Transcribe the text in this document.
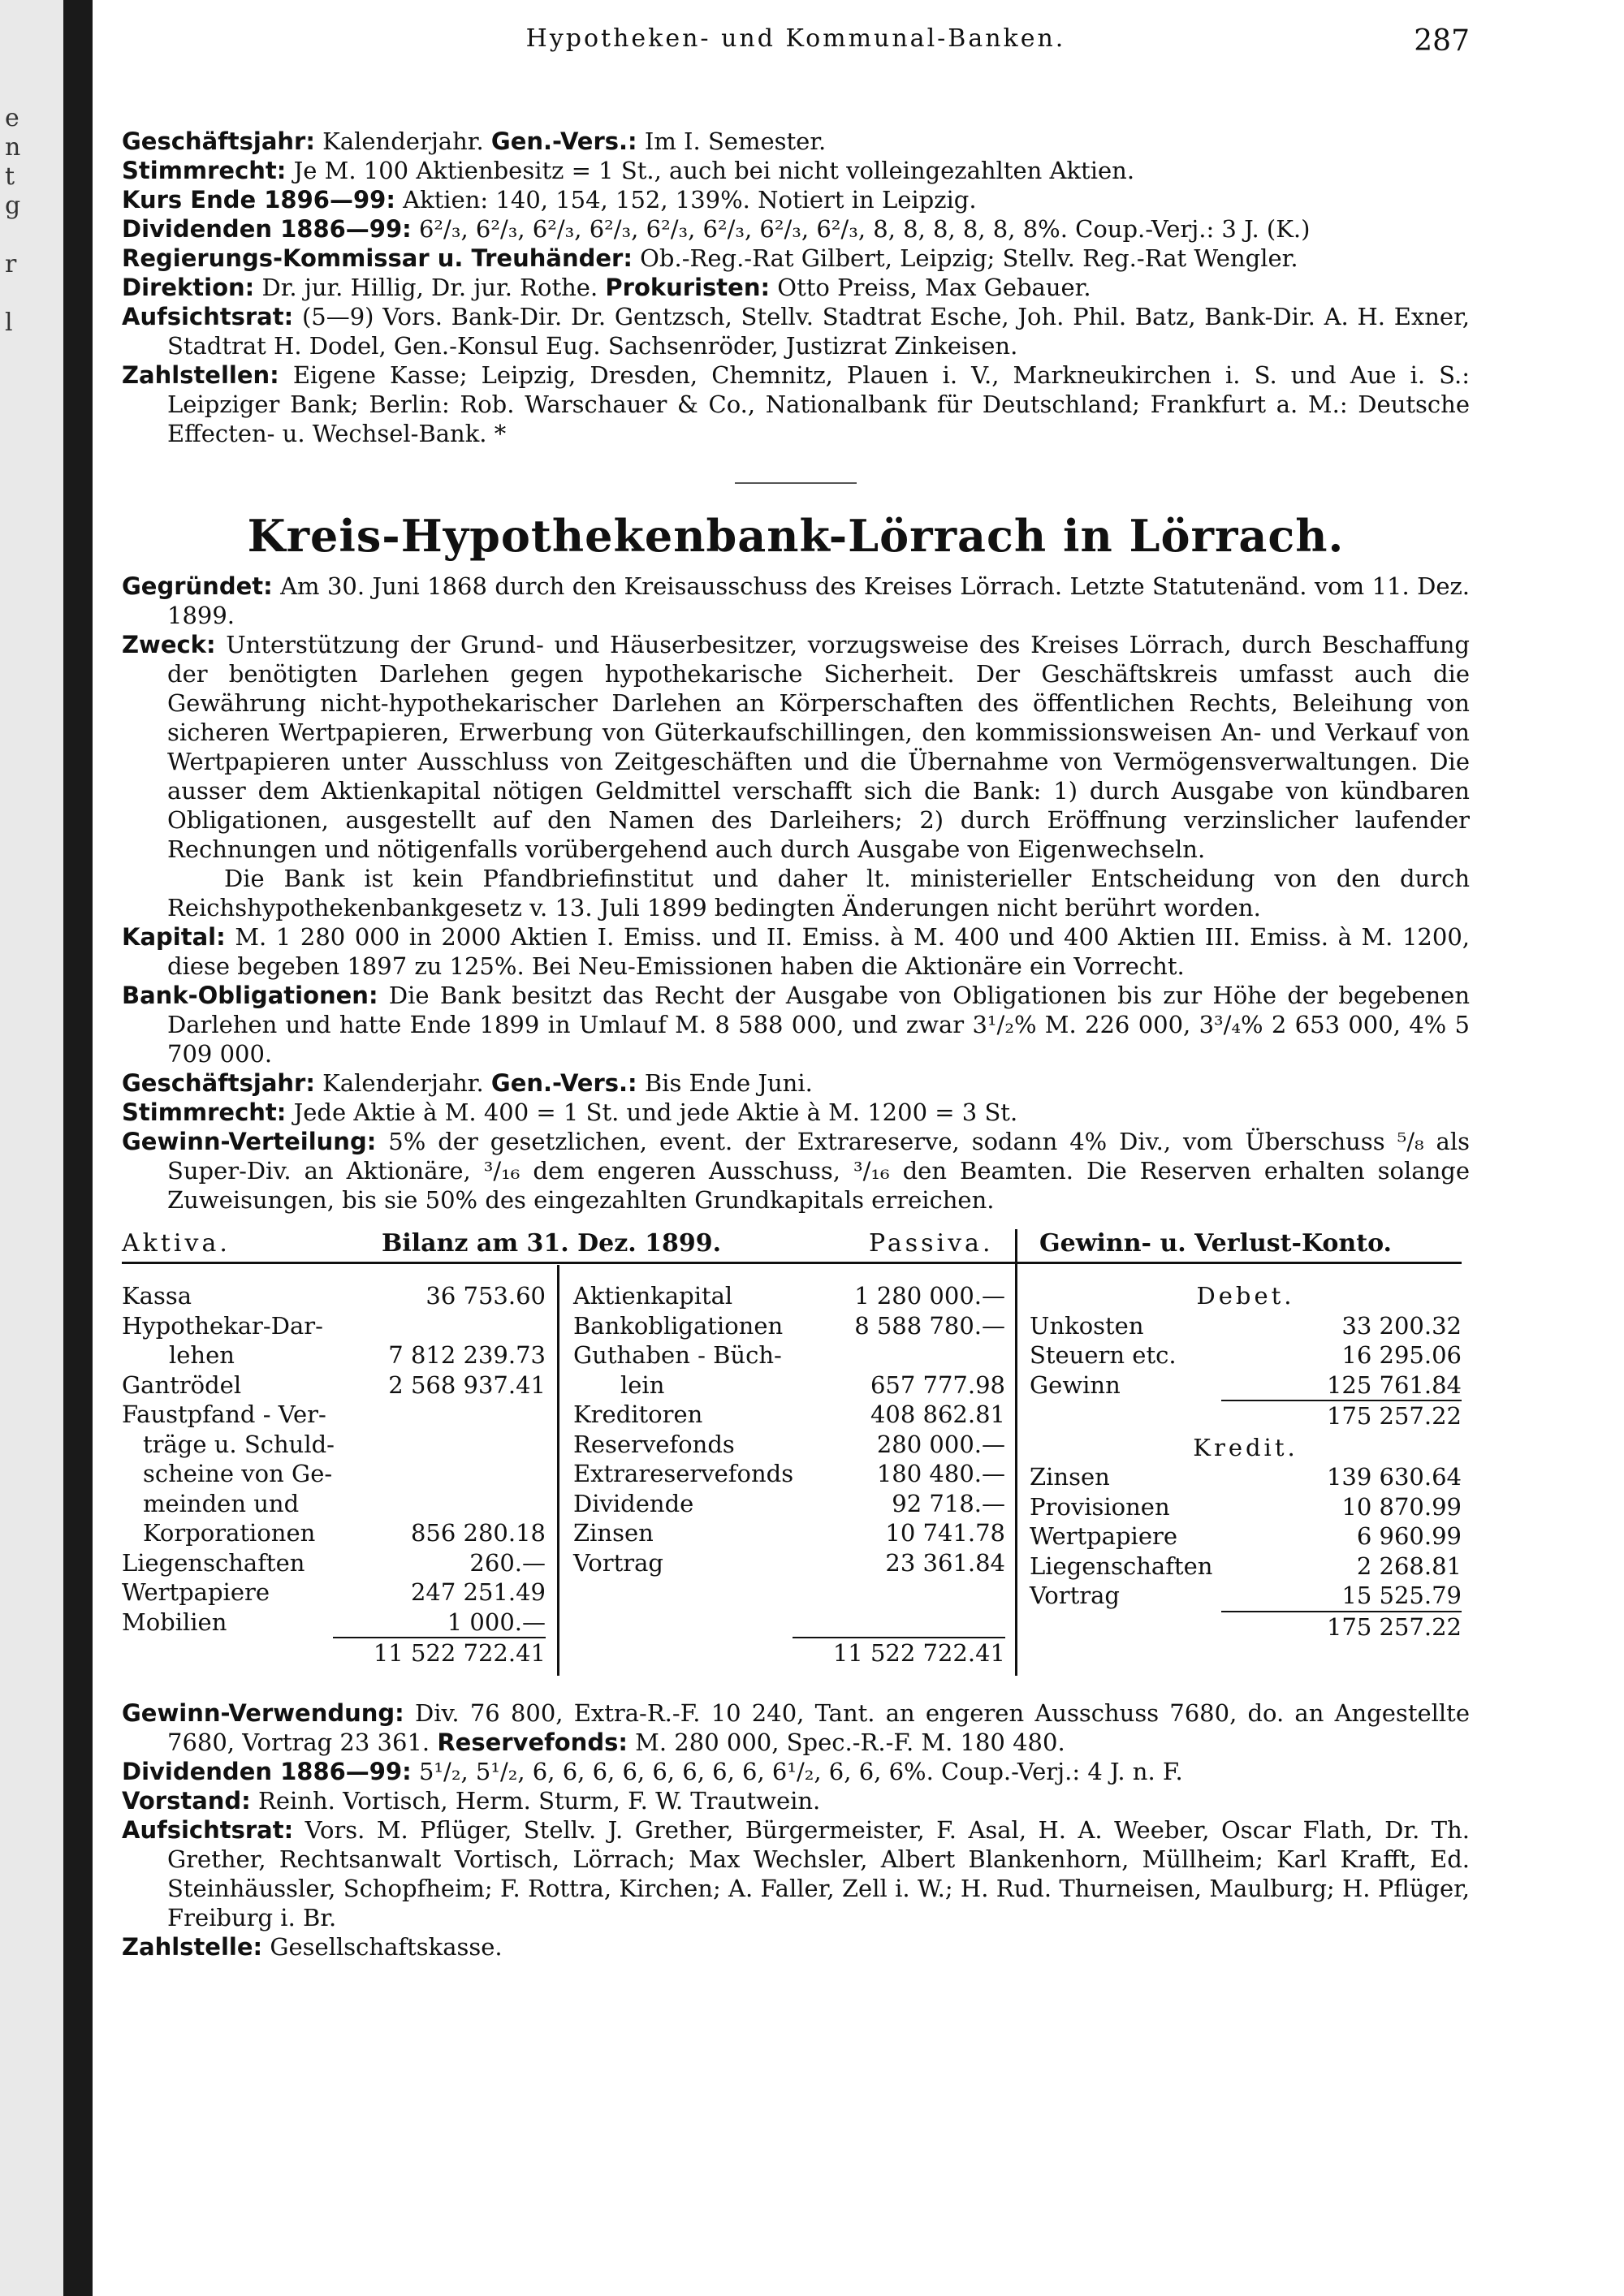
e
n
t
g
r
l
Hypotheken- und Kommunal-Banken.	287

Geschäftsjahr: Kalenderjahr. Gen.-Vers.: Im I. Semester.

Stimmrecht: Je M. 100 Aktienbesitz = 1 St., auch bei nicht volleingezahlten Aktien.

Kurs Ende 1896—99: Aktien: 140, 154, 152, 139%. Notiert in Leipzig.

Dividenden 1886—99: 6²/₃, 6²/₃, 6²/₃, 6²/₃, 6²/₃, 6²/₃, 6²/₃, 6²/₃, 8, 8, 8, 8, 8, 8%. Coup.-Verj.: 3 J. (K.)

Regierungs-Kommissar u. Treuhänder: Ob.-Reg.-Rat Gilbert, Leipzig; Stellv. Reg.-Rat Wengler.

Direktion: Dr. jur. Hillig, Dr. jur. Rothe. Prokuristen: Otto Preiss, Max Gebauer.

Aufsichtsrat: (5—9) Vors. Bank-Dir. Dr. Gentzsch, Stellv. Stadtrat Esche, Joh. Phil. Batz, Bank-Dir. A. H. Exner, Stadtrat H. Dodel, Gen.-Konsul Eug. Sachsenröder, Justizrat Zinkeisen.

Zahlstellen: Eigene Kasse; Leipzig, Dresden, Chemnitz, Plauen i. V., Markneukirchen i. S. und Aue i. S.: Leipziger Bank; Berlin: Rob. Warschauer & Co., Nationalbank für Deutschland; Frankfurt a. M.: Deutsche Effecten- u. Wechsel-Bank. *

Kreis-Hypothekenbank-Lörrach in Lörrach.

Gegründet: Am 30. Juni 1868 durch den Kreisausschuss des Kreises Lörrach. Letzte Statutenänd. vom 11. Dez. 1899.

Zweck: Unterstützung der Grund- und Häuserbesitzer, vorzugsweise des Kreises Lörrach, durch Beschaffung der benötigten Darlehen gegen hypothekarische Sicherheit. Der Geschäftskreis umfasst auch die Gewährung nicht-hypothekarischer Darlehen an Körperschaften des öffentlichen Rechts, Beleihung von sicheren Wertpapieren, Erwerbung von Güterkaufschillingen, den kommissionsweisen An- und Verkauf von Wertpapieren unter Ausschluss von Zeitgeschäften und die Übernahme von Vermögensverwaltungen. Die ausser dem Aktienkapital nötigen Geldmittel verschafft sich die Bank: 1) durch Ausgabe von kündbaren Obligationen, ausgestellt auf den Namen des Darleihers; 2) durch Eröffnung verzinslicher laufender Rechnungen und nötigenfalls vorübergehend auch durch Ausgabe von Eigenwechseln.

Die Bank ist kein Pfandbriefinstitut und daher lt. ministerieller Entscheidung von den durch Reichshypothekenbankgesetz v. 13. Juli 1899 bedingten Änderungen nicht berührt worden.

Kapital: M. 1 280 000 in 2000 Aktien I. Emiss. und II. Emiss. à M. 400 und 400 Aktien III. Emiss. à M. 1200, diese begeben 1897 zu 125%. Bei Neu-Emissionen haben die Aktionäre ein Vorrecht.

Bank-Obligationen: Die Bank besitzt das Recht der Ausgabe von Obligationen bis zur Höhe der begebenen Darlehen und hatte Ende 1899 in Umlauf M. 8 588 000, und zwar 3¹/₂% M. 226 000, 3³/₄% 2 653 000, 4% 5 709 000.

Geschäftsjahr: Kalenderjahr. Gen.-Vers.: Bis Ende Juni.

Stimmrecht: Jede Aktie à M. 400 = 1 St. und jede Aktie à M. 1200 = 3 St.

Gewinn-Verteilung: 5% der gesetzlichen, event. der Extrareserve, sodann 4% Div., vom Überschuss ⁵/₈ als Super-Div. an Aktionäre, ³/₁₆ dem engeren Ausschuss, ³/₁₆ den Beamten. Die Reserven erhalten solange Zuweisungen, bis sie 50% des eingezahlten Grundkapitals erreichen.

Aktiva.	Bilanz am 31. Dez. 1899.	Passiva. Gewinn- u. Verlust-Konto.
Kassa	36 753.60
Hypothekar-Dar-
lehen	7 812 239.73
Gantrödel	2 568 937.41
Faustpfand - Ver-
träge u. Schuld-
scheine von Ge-
meinden und
Korporationen	856 280.18
Liegenschaften	260.—
Wertpapiere	247 251.49
Mobilien	1 000.—
11 522 722.41
Aktienkapital	1 280 000.—
Bankobligationen	8 588 780.—
Guthaben - Büch-
lein	657 777.98
Kreditoren	408 862.81
Reservefonds	280 000.—
Extrareservefonds	180 480.—
Dividende	92 718.—
Zinsen	10 741.78
Vortrag	23 361.84
11 522 722.41
Debet.
Unkosten	33 200.32
Steuern etc.	16 295.06
Gewinn	125 761.84
175 257.22
Kredit.
Zinsen	139 630.64
Provisionen	10 870.99
Wertpapiere	6 960.99
Liegenschaften	2 268.81
Vortrag	15 525.79
175 257.22

Gewinn-Verwendung: Div. 76 800, Extra-R.-F. 10 240, Tant. an engeren Ausschuss 7680, do. an Angestellte 7680, Vortrag 23 361. Reservefonds: M. 280 000, Spec.-R.-F. M. 180 480.

Dividenden 1886—99: 5¹/₂, 5¹/₂, 6, 6, 6, 6, 6, 6, 6, 6, 6¹/₂, 6, 6, 6%. Coup.-Verj.: 4 J. n. F.

Vorstand: Reinh. Vortisch, Herm. Sturm, F. W. Trautwein.

Aufsichtsrat: Vors. M. Pflüger, Stellv. J. Grether, Bürgermeister, F. Asal, H. A. Weeber, Oscar Flath, Dr. Th. Grether, Rechtsanwalt Vortisch, Lörrach; Max Wechsler, Albert Blankenhorn, Müllheim; Karl Krafft, Ed. Steinhäussler, Schopfheim; F. Rottra, Kirchen; A. Faller, Zell i. W.; H. Rud. Thurneisen, Maulburg; H. Pflüger, Freiburg i. Br.

Zahlstelle: Gesellschaftskasse.
